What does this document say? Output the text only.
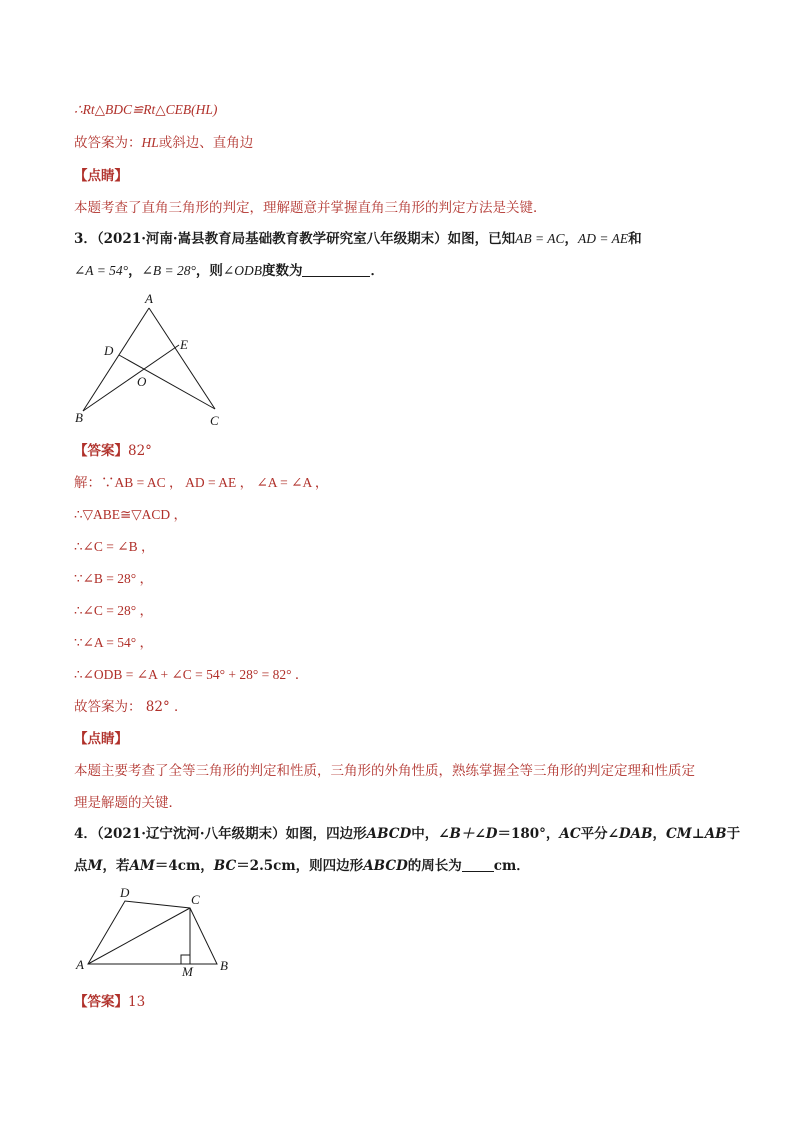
∴Rt△BDC≌Rt△CEB(HL)
故答案为：HL或斜边、直角边
【点睛】
本题考查了直角三角形的判定，理解题意并掌握直角三角形的判定方法是关键．
3．（2021·河南·嵩县教育局基础教育教学研究室八年级期末）如图，已知AB = AC，AD = AE和
∠A = 54°，∠B = 28°，则∠ODB度数为	．
A
D	E
O
B	C
【答案】82°
解：∵AB = AC ， AD = AE ， ∠A = ∠A ，
∴▽ABE≅▽ACD ，
∴∠C = ∠B ，
∵∠B = 28° ，
∴∠C = 28° ，
∵∠A = 54° ，
∴∠ODB = ∠A + ∠C = 54° + 28° = 82° ．
故答案为： 82° ．
【点睛】
本题主要考查了全等三角形的判定和性质，三角形的外角性质，熟练掌握全等三角形的判定定理和性质定
理是解题的关键．
4．（2021·辽宁沈河·八年级期末）如图，四边形ABCD中，∠B＋∠D＝180°，AC平分∠DAB，CM⊥AB于
点M，若AM＝4cm，BC＝2.5cm，则四边形ABCD的周长为 cm．
D	C
A	M B
【答案】13
